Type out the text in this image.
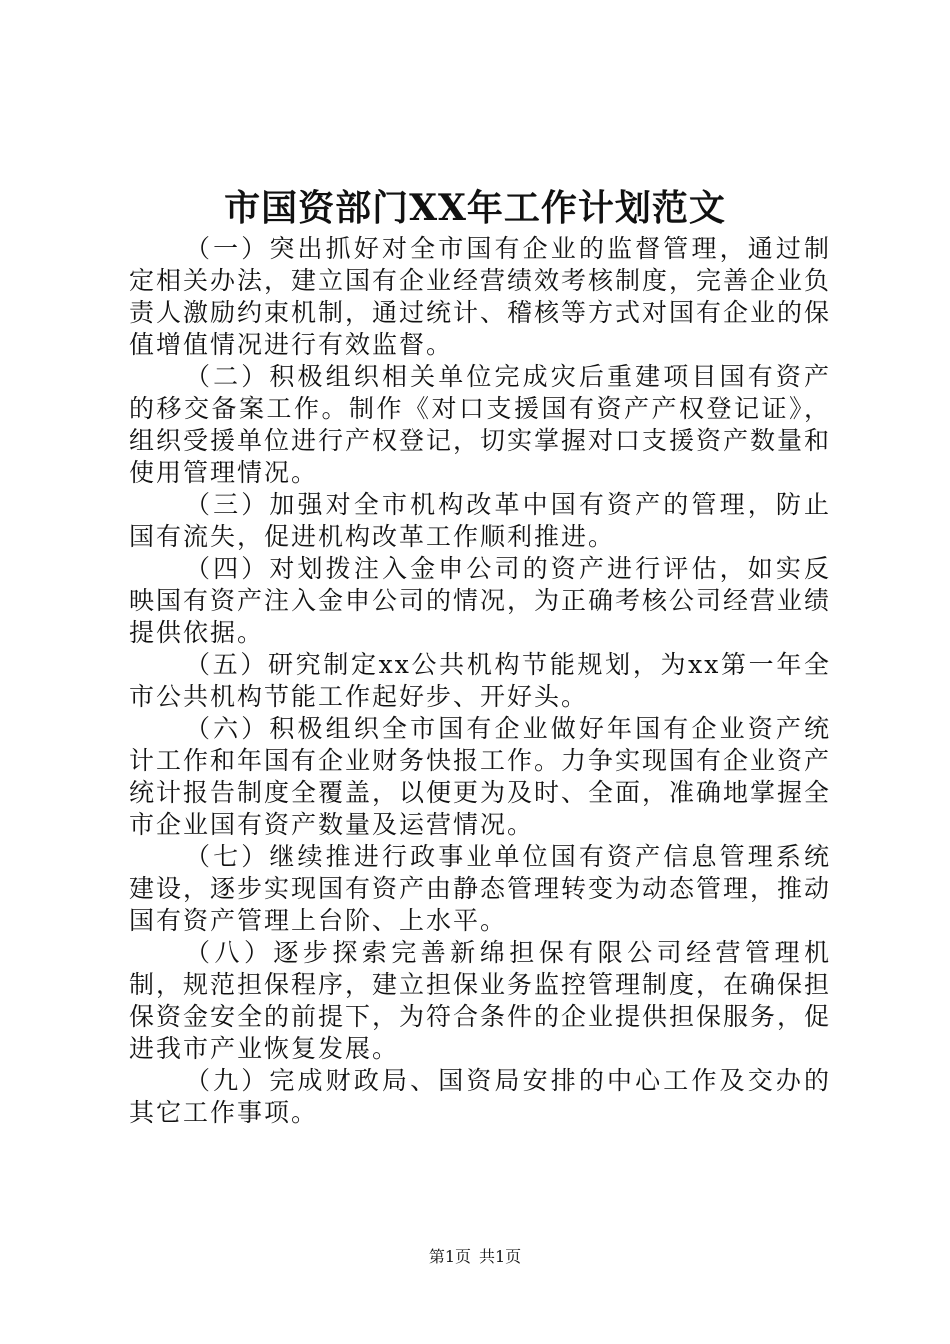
市国资部门XX年工作计划范文

（一）突出抓好对全市国有企业的监督管理，通过制定相关办法，建立国有企业经营绩效考核制度，完善企业负责人激励约束机制，通过统计、稽核等方式对国有企业的保值增值情况进行有效监督。

（二）积极组织相关单位完成灾后重建项目国有资产的移交备案工作。制作《对口支援国有资产产权登记证》，组织受援单位进行产权登记，切实掌握对口支援资产数量和使用管理情况。

（三）加强对全市机构改革中国有资产的管理，防止国有流失，促进机构改革工作顺利推进。

（四）对划拨注入金申公司的资产进行评估，如实反映国有资产注入金申公司的情况，为正确考核公司经营业绩提供依据。

（五）研究制定xx公共机构节能规划，为xx第一年全市公共机构节能工作起好步、开好头。

（六）积极组织全市国有企业做好年国有企业资产统计工作和年国有企业财务快报工作。力争实现国有企业资产统计报告制度全覆盖，以便更为及时、全面，准确地掌握全市企业国有资产数量及运营情况。

（七）继续推进行政事业单位国有资产信息管理系统建设，逐步实现国有资产由静态管理转变为动态管理，推动国有资产管理上台阶、上水平。

（八）逐步探索完善新绵担保有限公司经营管理机制，规范担保程序，建立担保业务监控管理制度，在确保担保资金安全的前提下，为符合条件的企业提供担保服务，促进我市产业恢复发展。

（九）完成财政局、国资局安排的中心工作及交办的其它工作事项。

第1页 共1页
